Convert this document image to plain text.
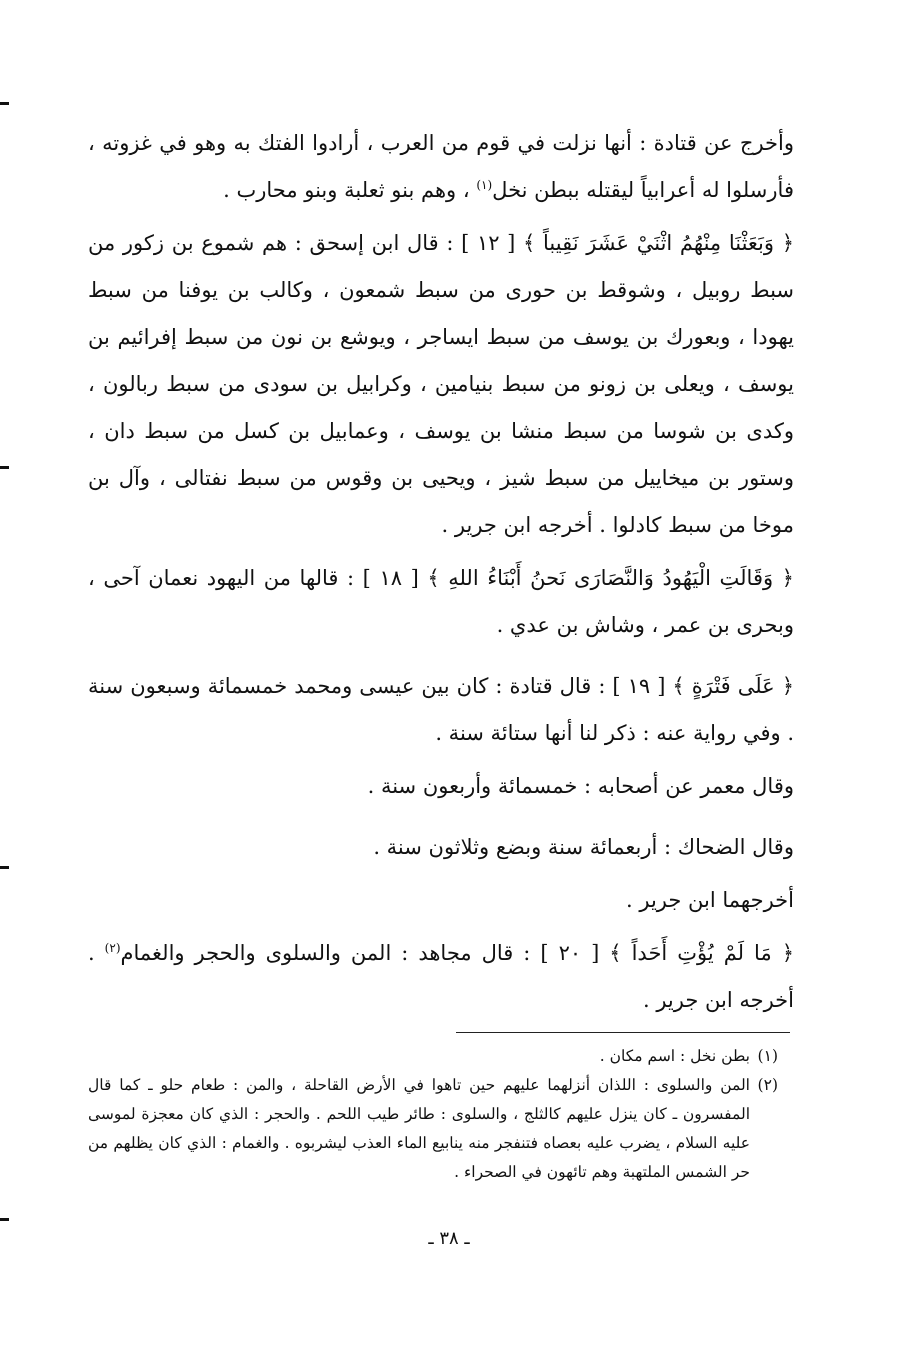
وأخرج عن قتادة : أنها نزلت في قوم من العرب ، أرادوا الفتك به وهو في غزوته ، فأرسلوا له أعرابياً ليقتله ببطن نخل$^{(١)}$ ، وهم بنو ثعلبة وبنو محارب .

﴿ وَبَعَثْنَا مِنْهُمُ اثْنَيْ عَشَرَ نَقِيباً ﴾ [ ١٢ ] : قال ابن إسحق : هم شموع بن زكور من سبط روبيل ، وشوقط بن حورى من سبط شمعون ، وكالب بن يوفنا من سبط يهودا ، وبعورك بن يوسف من سبط ايساجر ، ويوشع بن نون من سبط إفرائيم بن يوسف ، ويعلى بن زونو من سبط بنيامين ، وكرابيل بن سودى من سبط ربالون ، وكدى بن شوسا من سبط منشا بن يوسف ، وعمابيل بن كسل من سبط دان ، وستور بن ميخاييل من سبط شيز ، ويحيى بن وقوس من سبط نفتالى ، وآل بن موخا من سبط كادلوا . أخرجه ابن جرير .

﴿ وَقَالَتِ الْيَهُودُ وَالنَّصَارَى نَحنُ أَبْنَاءُ اللهِ ﴾ [ ١٨ ] : قالها من اليهود نعمان آحى ، وبحرى بن عمر ، وشاش بن عدي .

﴿ عَلَى فَتْرَةٍ ﴾ [ ١٩ ] : قال قتادة : كان بين عيسى ومحمد خمسمائة وسبعون سنة . وفي رواية عنه : ذكر لنا أنها ستائة سنة .

وقال معمر عن أصحابه : خمسمائة وأربعون سنة .

وقال الضحاك : أربعمائة سنة وبضع وثلاثون سنة .

أخرجهما ابن جرير .

﴿ مَا لَمْ يُؤْتِ أَحَداً ﴾ [ ٢٠ ] : قال مجاهد : المن والسلوى والحجر والغمام$^{(٢)}$ . أخرجه ابن جرير .

(١)
بطن نخل : اسم مكان .
(٢)
المن والسلوى : اللذان أنزلهما عليهم حين تاهوا في الأرض القاحلة ، والمن : طعام حلو ـ كما قال المفسرون ـ كان ينزل عليهم كالثلج ، والسلوى : طائر طيب اللحم . والحجر : الذي كان معجزة لموسى عليه السلام ، يضرب عليه بعصاه فتنفجر منه ينابيع الماء العذب ليشربوه . والغمام : الذي كان يظلهم من حر الشمس الملتهبة وهم تائهون في الصحراء .
ـ ٣٨ ـ
